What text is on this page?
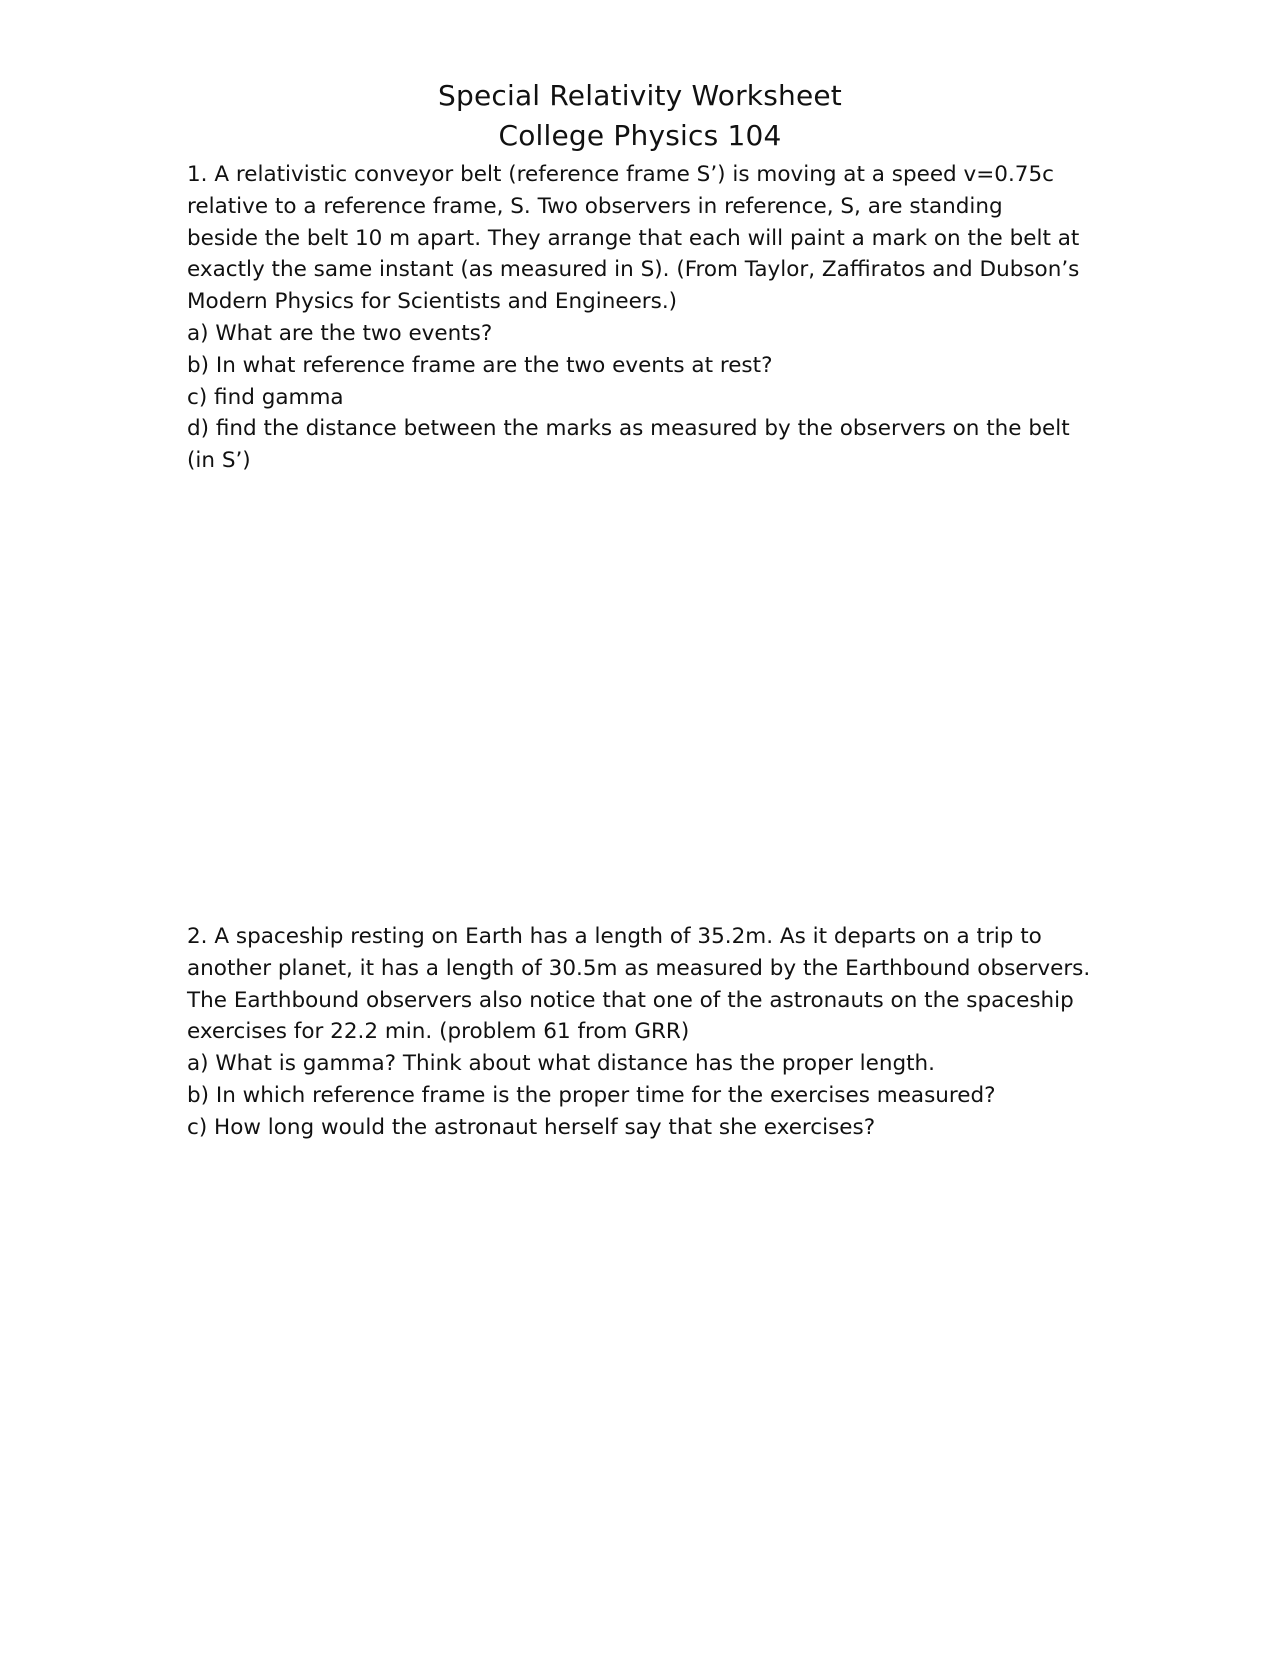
Special Relativity Worksheet
College Physics 104

1. A relativistic conveyor belt (reference frame S’) is moving at a speed v=0.75c

relative to a reference frame, S. Two observers in reference, S, are standing

beside the belt 10 m apart. They arrange that each will paint a mark on the belt at

exactly the same instant (as measured in S). (From Taylor, Zaffiratos and Dubson’s

Modern Physics for Scientists and Engineers.)

a) What are the two events?

b) In what reference frame are the two events at rest?

c) find gamma

d) find the distance between the marks as measured by the observers on the belt

(in S’)

2. A spaceship resting on Earth has a length of 35.2m. As it departs on a trip to

another planet, it has a length of 30.5m as measured by the Earthbound observers.

The Earthbound observers also notice that one of the astronauts on the spaceship

exercises for 22.2 min. (problem 61 from GRR)

a) What is gamma? Think about what distance has the proper length.

b) In which reference frame is the proper time for the exercises measured?

c) How long would the astronaut herself say that she exercises?
